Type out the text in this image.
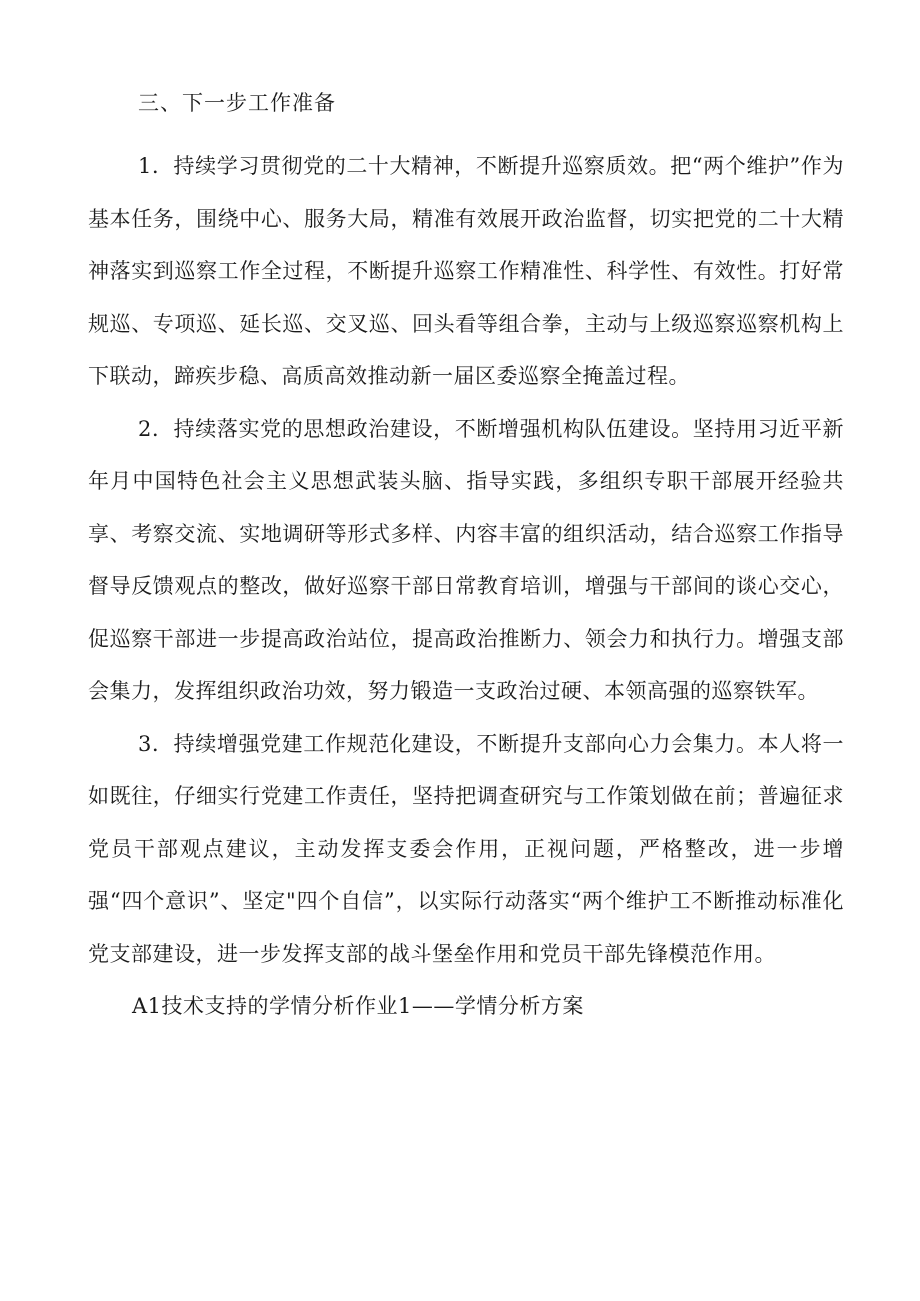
三、下一步工作准备

1．持续学习贯彻党的二十大精神，不断提升巡察质效。把“两个维护”作为基本任务，围绕中心、服务大局，精准有效展开政治监督，切实把党的二十大精神落实到巡察工作全过程，不断提升巡察工作精准性、科学性、有效性。打好常规巡、专项巡、延长巡、交叉巡、回头看等组合拳，主动与上级巡察巡察机构上下联动，蹄疾步稳、高质高效推动新一届区委巡察全掩盖过程。

2．持续落实党的思想政治建设，不断增强机构队伍建设。坚持用习近平新年月中国特色社会主义思想武装头脑、指导实践，多组织专职干部展开经验共享、考察交流、实地调研等形式多样、内容丰富的组织活动，结合巡察工作指导督导反馈观点的整改，做好巡察干部日常教育培训，增强与干部间的谈心交心，促巡察干部进一步提高政治站位，提高政治推断力、领会力和执行力。增强支部会集力，发挥组织政治功效，努力锻造一支政治过硬、本领高强的巡察铁军。

3．持续增强党建工作规范化建设，不断提升支部向心力会集力。本人将一如既往，仔细实行党建工作责任，坚持把调查研究与工作策划做在前；普遍征求党员干部观点建议，主动发挥支委会作用，正视问题，严格整改，进一步增强“四个意识”、坚定"四个自信”，以实际行动落实“两个维护工不断推动标准化党支部建设，进一步发挥支部的战斗堡垒作用和党员干部先锋模范作用。

A1技术支持的学情分析作业1——学情分析方案
